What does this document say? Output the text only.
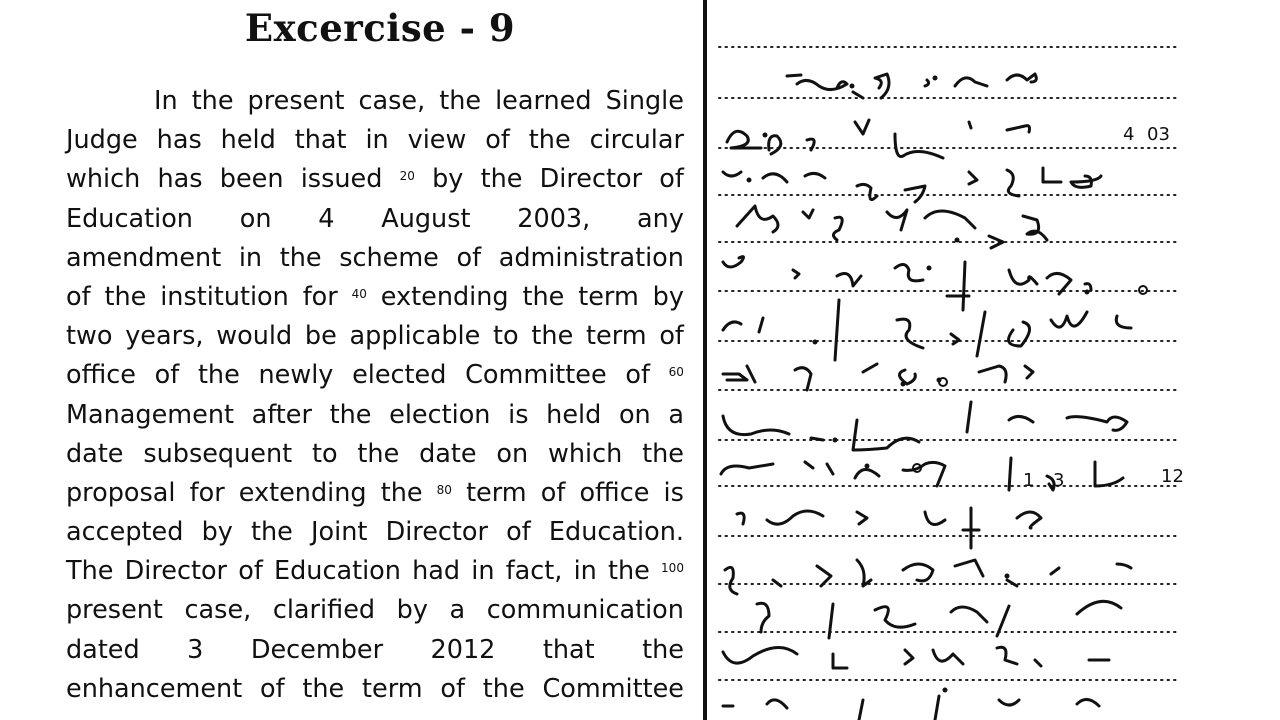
Excercise - 9
In the present case, the learned Single
Judge has held that in view of the circular
which has been issued $^{20}$ by the Director of
Education on 4 August 2003, any
amendment in the scheme of administration
of the institution for $^{40}$ extending the term by
two years, would be applicable to the term of
office of the newly elected Committee of $^{60}$
Management after the election is held on a
date subsequent to the date on which the
proposal for extending the $^{80}$ term of office is
accepted by the Joint Director of Education.
The Director of Education had in fact, in the $^{100}$
present case, clarified by a communication
dated 3 December 2012 that the
enhancement of the term of the Committee
4 03
1 3	12
